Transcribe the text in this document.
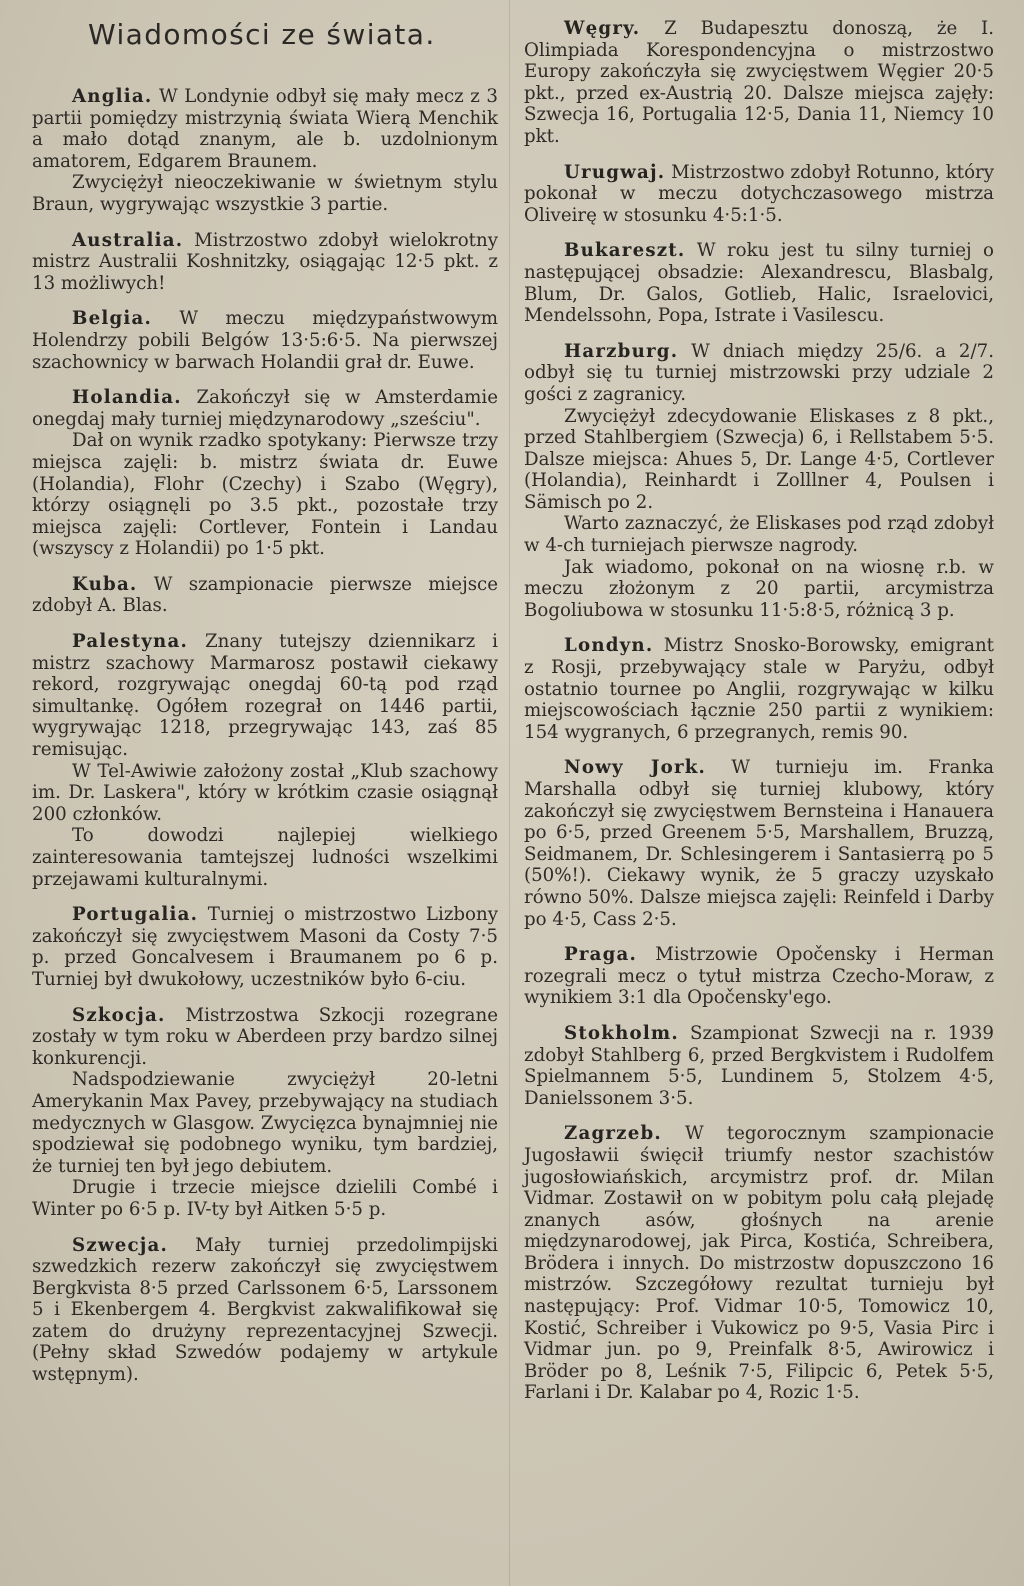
Wiadomości ze świata.

Anglia. W Londynie odbył się mały mecz z 3 partii pomiędzy mistrzynią świata Wierą Menchik a mało dotąd znanym, ale b. uzdolnionym amatorem, Edgarem Braunem.

Zwyciężył nieoczekiwanie w świetnym stylu Braun, wygrywając wszystkie 3 partie.

Australia. Mistrzostwo zdobył wielokrotny mistrz Australii Koshnitzky, osiągając 12·5 pkt. z 13 możliwych!

Belgia. W meczu międzypaństwowym Holendrzy pobili Belgów 13·5:6·5. Na pierwszej szachownicy w barwach Holandii grał dr. Euwe.

Holandia. Zakończył się w Amsterdamie onegdaj mały turniej międzynarodowy „sześciu".

Dał on wynik rzadko spotykany: Pierwsze trzy miejsca zajęli: b. mistrz świata dr. Euwe (Holandia), Flohr (Czechy) i Szabo (Węgry), którzy osiągnęli po 3.5 pkt., pozostałe trzy miejsca zajęli: Cortlever, Fontein i Landau (wszyscy z Holandii) po 1·5 pkt.

Kuba. W szampionacie pierwsze miejsce zdobył A. Blas.

Palestyna. Znany tutejszy dziennikarz i mistrz szachowy Marmarosz postawił ciekawy rekord, rozgrywając onegdaj 60-tą pod rząd simultankę. Ogółem rozegrał on 1446 partii, wygrywając 1218, przegrywając 143, zaś 85 remisując.

W Tel-Awiwie założony został „Klub szachowy im. Dr. Laskera", który w krótkim czasie osiągnął 200 członków.

To dowodzi najlepiej wielkiego zainteresowania tamtejszej ludności wszelkimi przejawami kulturalnymi.

Portugalia. Turniej o mistrzostwo Lizbony zakończył się zwycięstwem Masoni da Costy 7·5 p. przed Goncalvesem i Braumanem po 6 p. Turniej był dwukołowy, uczestników było 6-ciu.

Szkocja. Mistrzostwa Szkocji rozegrane zostały w tym roku w Aberdeen przy bardzo silnej konkurencji.

Nadspodziewanie zwyciężył 20-letni Amerykanin Max Pavey, przebywający na studiach medycznych w Glasgow. Zwycięzca bynajmniej nie spodziewał się podobnego wyniku, tym bardziej, że turniej ten był jego debiutem.

Drugie i trzecie miejsce dzielili Combé i Winter po 6·5 p. IV-ty był Aitken 5·5 p.

Szwecja. Mały turniej przedolimpijski szwedzkich rezerw zakończył się zwycięstwem Bergkvista 8·5 przed Carlssonem 6·5, Larssonem 5 i Ekenbergem 4. Bergkvist zakwalifikował się zatem do drużyny reprezentacyjnej Szwecji. (Pełny skład Szwedów podajemy w artykule wstępnym).

Węgry. Z Budapesztu donoszą, że I. Olimpiada Korespondencyjna o mistrzostwo Europy zakończyła się zwycięstwem Węgier 20·5 pkt., przed ex-Austrią 20. Dalsze miejsca zajęły: Szwecja 16, Portugalia 12·5, Dania 11, Niemcy 10 pkt.

Urugwaj. Mistrzostwo zdobył Rotunno, który pokonał w meczu dotychczasowego mistrza Oliveirę w stosunku 4·5:1·5.

Bukareszt. W roku jest tu silny turniej o następującej obsadzie: Alexandrescu, Blasbalg, Blum, Dr. Galos, Gotlieb, Halic, Israelovici, Mendelssohn, Popa, Istrate i Vasilescu.

Harzburg. W dniach między 25/6. a 2/7. odbył się tu turniej mistrzowski przy udziale 2 gości z zagranicy.

Zwyciężył zdecydowanie Eliskases z 8 pkt., przed Stahlbergiem (Szwecja) 6, i Rellstabem 5·5. Dalsze miejsca: Ahues 5, Dr. Lange 4·5, Cortlever (Holandia), Reinhardt i Zolllner 4, Poulsen i Sämisch po 2.

Warto zaznaczyć, że Eliskases pod rząd zdobył w 4-ch turniejach pierwsze nagrody.

Jak wiadomo, pokonał on na wiosnę r.b. w meczu złożonym z 20 partii, arcymistrza Bogoliubowa w stosunku 11·5:8·5, różnicą 3 p.

Londyn. Mistrz Snosko-Borowsky, emigrant z Rosji, przebywający stale w Paryżu, odbył ostatnio tournee po Anglii, rozgrywając w kilku miejscowościach łącznie 250 partii z wynikiem: 154 wygranych, 6 przegranych, remis 90.

Nowy Jork. W turnieju im. Franka Marshalla odbył się turniej klubowy, który zakończył się zwycięstwem Bernsteina i Hanauera po 6·5, przed Greenem 5·5, Marshallem, Bruzzą, Seidmanem, Dr. Schlesingerem i Santasierrą po 5 (50%!). Ciekawy wynik, że 5 graczy uzyskało równo 50%. Dalsze miejsca zajęli: Reinfeld i Darby po 4·5, Cass 2·5.

Praga. Mistrzowie Opočensky i Herman rozegrali mecz o tytuł mistrza Czecho-Moraw, z wynikiem 3:1 dla Opočensky'ego.

Stokholm. Szampionat Szwecji na r. 1939 zdobył Stahlberg 6, przed Bergkvistem i Rudolfem Spielmannem 5·5, Lundinem 5, Stolzem 4·5, Danielssonem 3·5.

Zagrzeb. W tegorocznym szampionacie Jugosławii święcił triumfy nestor szachistów jugosłowiańskich, arcymistrz prof. dr. Milan Vidmar. Zostawił on w pobitym polu całą plejadę znanych asów, głośnych na arenie międzynarodowej, jak Pirca, Kostića, Schreibera, Brödera i innych. Do mistrzostw dopuszczono 16 mistrzów. Szczegółowy rezultat turnieju był następujący: Prof. Vidmar 10·5, Tomowicz 10, Kostić, Schreiber i Vukowicz po 9·5, Vasia Pirc i Vidmar jun. po 9, Preinfalk 8·5, Awirowicz i Bröder po 8, Leśnik 7·5, Filipcic 6, Petek 5·5, Farlani i Dr. Kalabar po 4, Rozic 1·5.
